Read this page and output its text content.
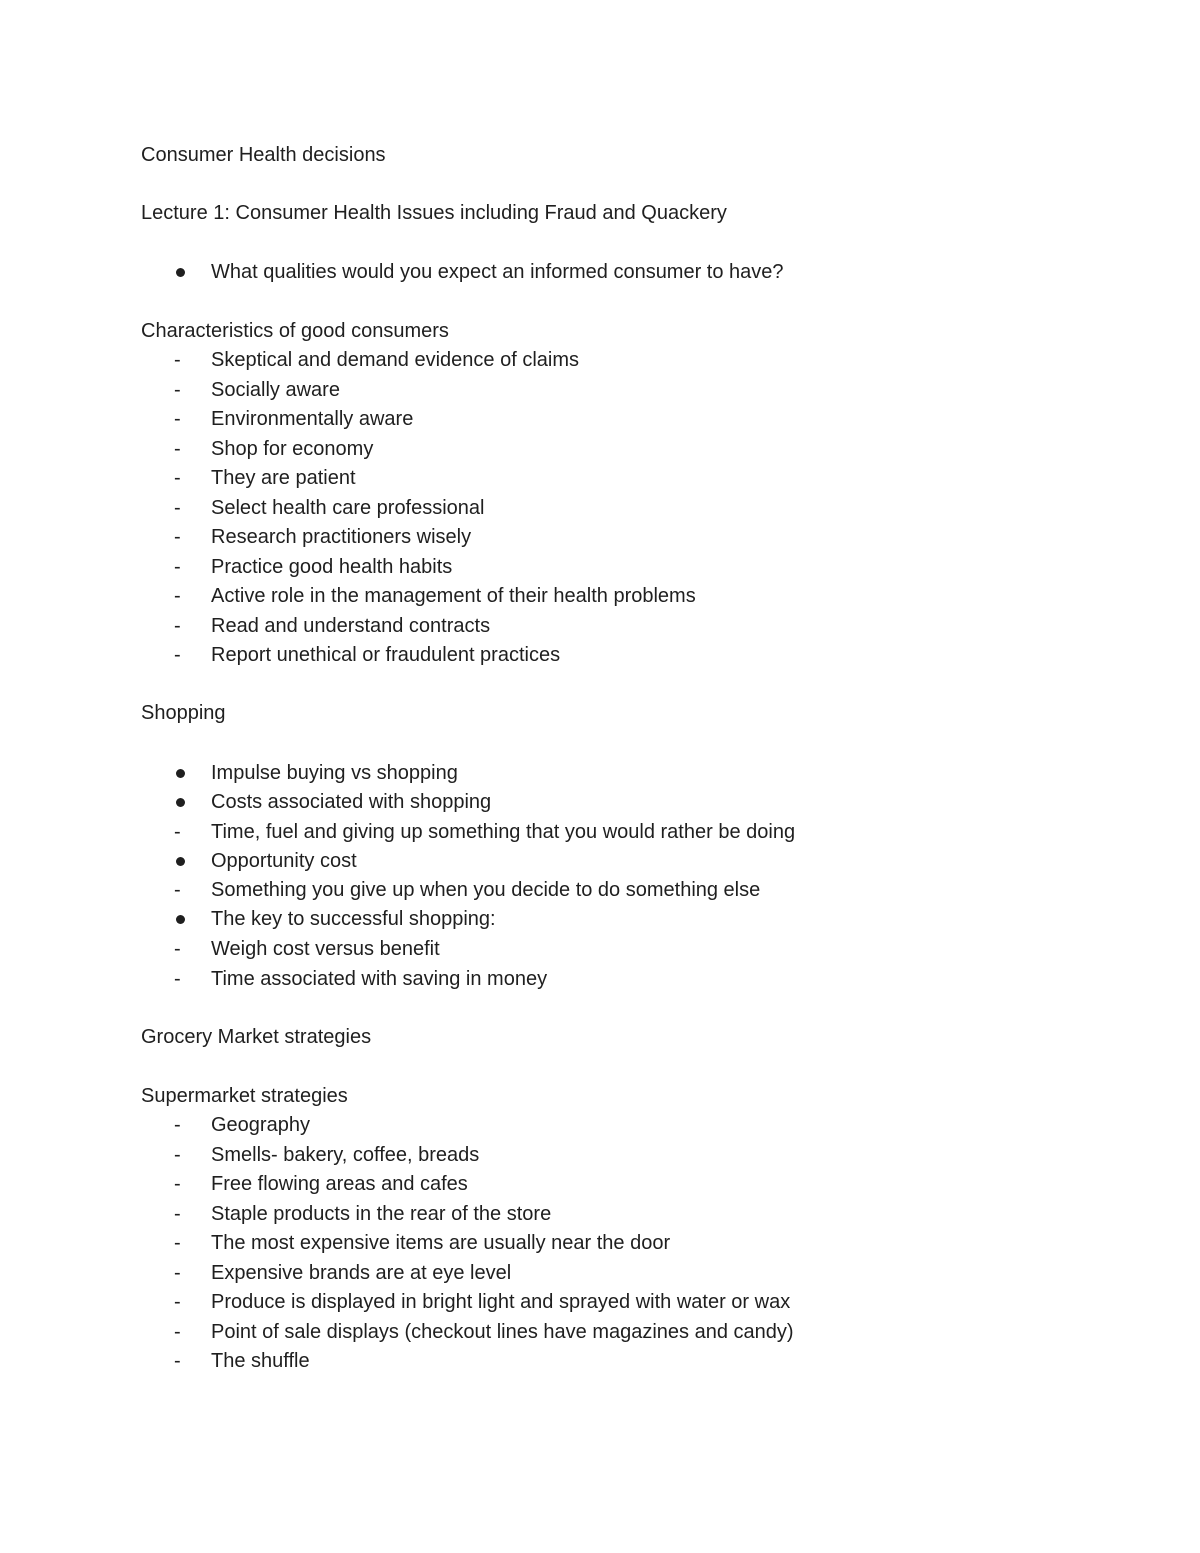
Consumer Health decisions
Lecture 1: Consumer Health Issues including Fraud and Quackery
What qualities would you expect an informed consumer to have?
Characteristics of good consumers
-
Skeptical and demand evidence of claims
-
Socially aware
-
Environmentally aware
-
Shop for economy
-
They are patient
-
Select health care professional
-
Research practitioners wisely
-
Practice good health habits
-
Active role in the management of their health problems
-
Read and understand contracts
-
Report unethical or fraudulent practices
Shopping
Impulse buying vs shopping
Costs associated with shopping
-
Time, fuel and giving up something that you would rather be doing
Opportunity cost
-
Something you give up when you decide to do something else
The key to successful shopping:
-
Weigh cost versus benefit
-
Time associated with saving in money
Grocery Market strategies
Supermarket strategies
-
Geography
-
Smells- bakery, coffee, breads
-
Free flowing areas and cafes
-
Staple products in the rear of the store
-
The most expensive items are usually near the door
-
Expensive brands are at eye level
-
Produce is displayed in bright light and sprayed with water or wax
-
Point of sale displays (checkout lines have magazines and candy)
-
The shuffle
